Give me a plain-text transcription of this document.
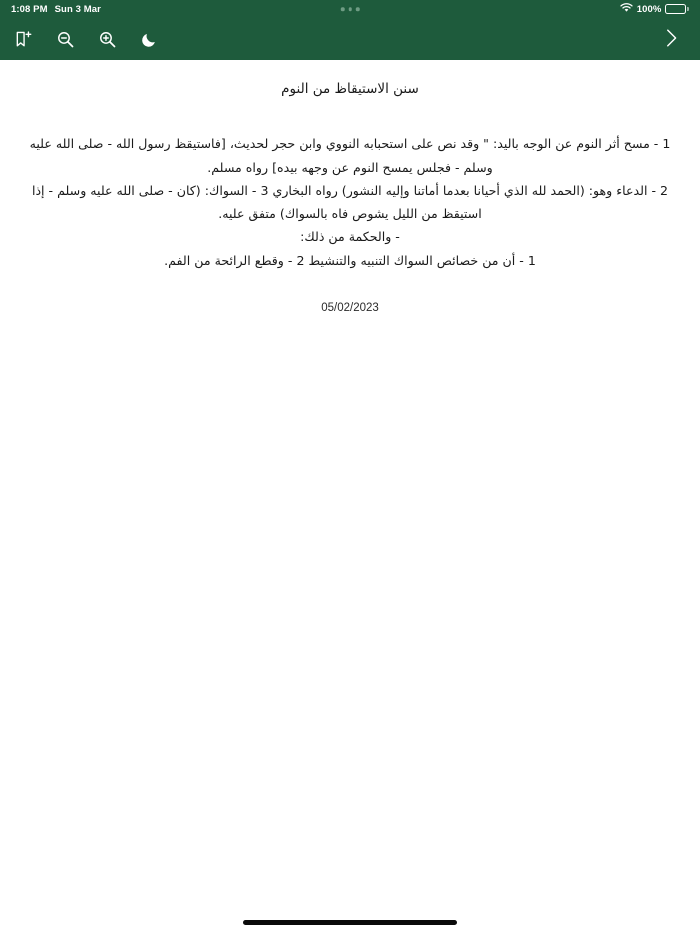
1:08 PM Sun 3 Mar	100%
سنن الاستيقاظ من النوم

1 - مسح أثر النوم عن الوجه باليد: " وقد نص على استحبابه النووي وابن حجر لحديث، [فاستيقظ رسول الله - صلى الله عليه وسلم - فجلس يمسح النوم عن وجهه بيده] رواه مسلم.

2 - الدعاء وهو: (الحمد لله الذي أحيانا بعدما أماتنا وإليه النشور) رواه البخاري 3 - السواك: (كان - صلى الله عليه وسلم - إذا استيقظ من الليل يشوص فاه بالسواك) متفق عليه.

- والحكمة من ذلك:

1 - أن من خصائص السواك التنبيه والتنشيط 2 - وقطع الرائحة من الفم.

05/02/2023
